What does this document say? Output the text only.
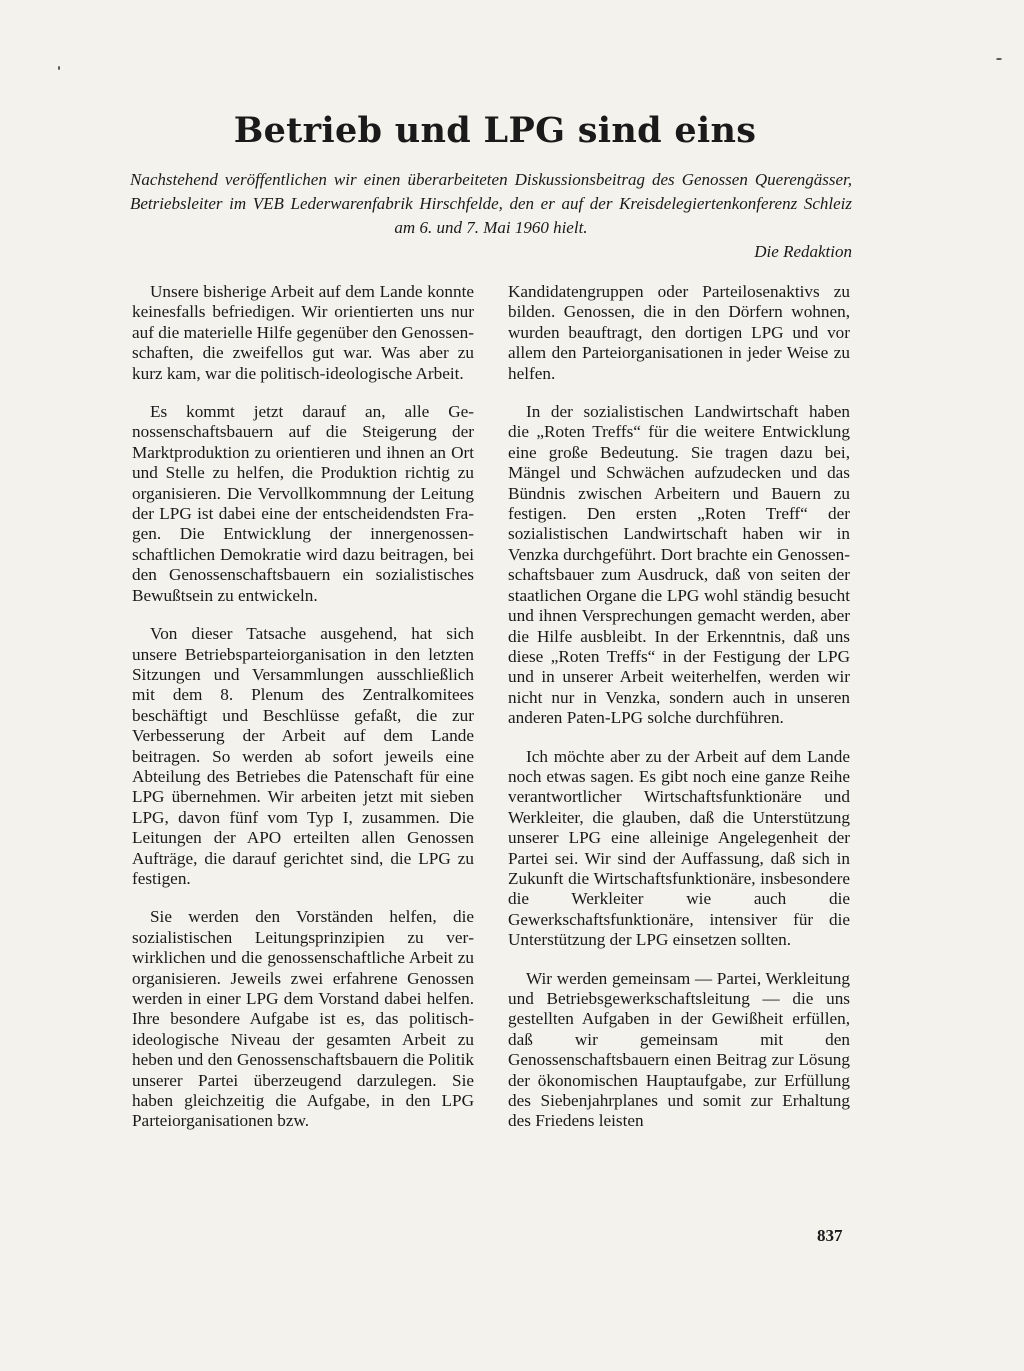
Betrieb und LPG sind eins

Nachstehend veröffentlichen wir einen überarbeiteten Diskussionsbeitrag des Genossen Querengässer, Betriebsleiter im VEB Lederwarenfabrik Hirschfelde, den er auf der Kreisdelegiertenkonferenz Schleiz am 6. und 7. Mai 1960 hielt.

Die Redaktion

Unsere bisherige Arbeit auf dem Lande konnte keinesfalls befriedigen. Wir orientierten uns nur auf die materielle Hilfe gegenüber den Genossenschaften, die zweifellos gut war. Was aber zu kurz kam, war die politisch-ideologische Arbeit.

Es kommt jetzt darauf an, alle Genossenschaftsbauern auf die Steigerung der Marktproduktion zu orientieren und ihnen an Ort und Stelle zu helfen, die Produktion richtig zu organisieren. Die Vervollkommnung der Leitung der LPG ist dabei eine der entscheidendsten Fragen. Die Entwicklung der innergenossenschaftlichen Demokratie wird dazu beitragen, bei den Genossenschaftsbauern ein sozialistisches Bewußtsein zu entwickeln.

Von dieser Tatsache ausgehend, hat sich unsere Betriebsparteiorganisation in den letzten Sitzungen und Versammlungen ausschließlich mit dem 8. Plenum des Zentralkomitees beschäftigt und Beschlüsse gefaßt, die zur Verbesserung der Arbeit auf dem Lande beitragen. So werden ab sofort jeweils eine Abteilung des Betriebes die Patenschaft für eine LPG übernehmen. Wir arbeiten jetzt mit sieben LPG, davon fünf vom Typ I, zusammen. Die Leitungen der APO erteilten allen Genossen Aufträge, die darauf gerichtet sind, die LPG zu festigen.

Sie werden den Vorständen helfen, die sozialistischen Leitungsprinzipien zu verwirklichen und die genossenschaftliche Arbeit zu organisieren. Jeweils zwei erfahrene Genossen werden in einer LPG dem Vorstand dabei helfen. Ihre besondere Aufgabe ist es, das politisch-ideologische Niveau der gesamten Arbeit zu heben und den Genossenschaftsbauern die Politik unserer Partei überzeugend darzulegen. Sie haben gleichzeitig die Aufgabe, in den LPG Parteiorganisationen bzw.

Kandidatengruppen oder Parteilosenaktivs zu bilden. Genossen, die in den Dörfern wohnen, wurden beauftragt, den dortigen LPG und vor allem den Parteiorganisationen in jeder Weise zu helfen.

In der sozialistischen Landwirtschaft haben die „Roten Treffs“ für die weitere Entwicklung eine große Bedeutung. Sie tragen dazu bei, Mängel und Schwächen aufzudecken und das Bündnis zwischen Arbeitern und Bauern zu festigen. Den ersten „Roten Treff“ der sozialistischen Landwirtschaft haben wir in Venzka durchgeführt. Dort brachte ein Genossenschaftsbauer zum Ausdruck, daß von seiten der staatlichen Organe die LPG wohl ständig besucht und ihnen Versprechungen gemacht werden, aber die Hilfe ausbleibt. In der Erkenntnis, daß uns diese „Roten Treffs“ in der Festigung der LPG und in unserer Arbeit weiterhelfen, werden wir nicht nur in Venzka, sondern auch in unseren anderen Paten-LPG solche durchführen.

Ich möchte aber zu der Arbeit auf dem Lande noch etwas sagen. Es gibt noch eine ganze Reihe verantwortlicher Wirtschaftsfunktionäre und Werkleiter, die glauben, daß die Unterstützung unserer LPG eine alleinige Angelegenheit der Partei sei. Wir sind der Auffassung, daß sich in Zukunft die Wirtschaftsfunktionäre, insbesondere die Werkleiter wie auch die Gewerkschaftsfunktionäre, intensiver für die Unterstützung der LPG einsetzen sollten.

Wir werden gemeinsam — Partei, Werkleitung und Betriebsgewerkschaftsleitung — die uns gestellten Aufgaben in der Gewißheit erfüllen, daß wir gemeinsam mit den Genossenschaftsbauern einen Beitrag zur Lösung der ökonomischen Hauptaufgabe, zur Erfüllung des Siebenjahrplanes und somit zur Erhaltung des Friedens leisten

837
